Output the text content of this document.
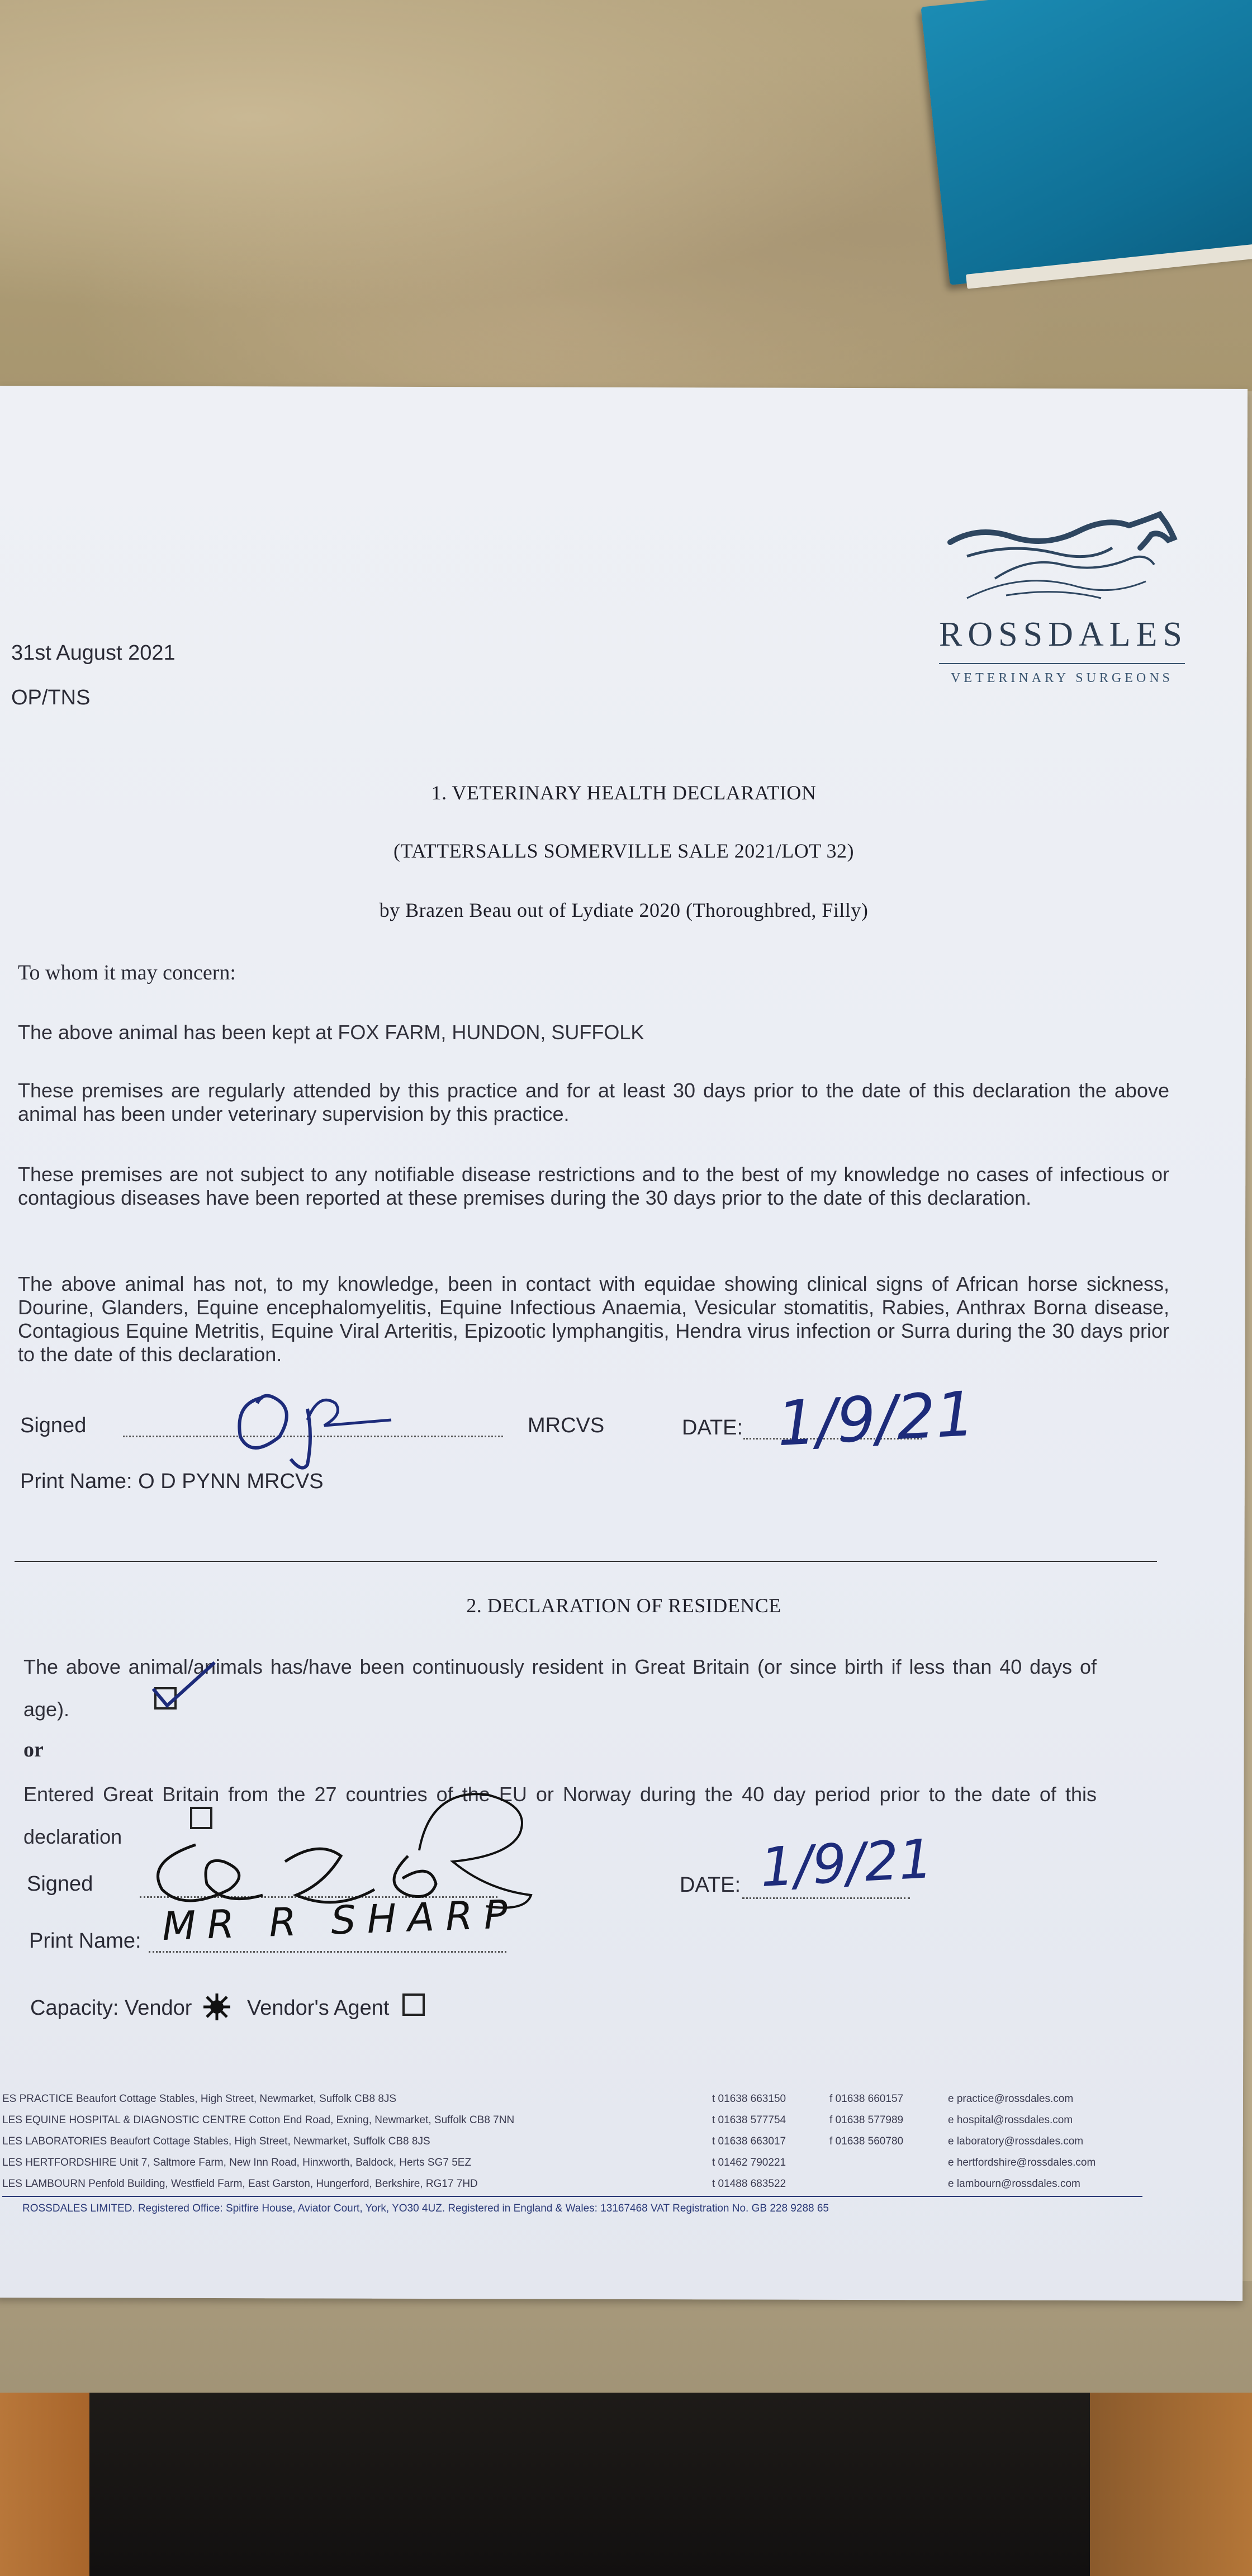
ROSSDALES
VETERINARY SURGEONS
31st August 2021
OP/TNS
1. VETERINARY HEALTH DECLARATION
(TATTERSALLS SOMERVILLE SALE 2021/LOT 32)
by Brazen Beau out of Lydiate 2020 (Thoroughbred, Filly)
To whom it may concern:
The above animal has been kept at FOX FARM, HUNDON, SUFFOLK
These premises are regularly attended by this practice and for at least 30 days prior to the date of this declaration the above animal has been under veterinary supervision by this practice.
These premises are not subject to any notifiable disease restrictions and to the best of my knowledge no cases of infectious or contagious diseases have been reported at these premises during the 30 days prior to the date of this declaration.
The above animal has not, to my knowledge, been in contact with equidae showing clinical signs of African horse sickness, Dourine, Glanders, Equine encephalomyelitis, Equine Infectious Anaemia, Vesicular stomatitis, Rabies, Anthrax Borna disease, Contagious Equine Metritis, Equine Viral Arteritis, Epizootic lymphangitis, Hendra virus infection or Surra during the 30 days prior to the date of this declaration.
Signed	MRCVS	DATE: 1/9/21
Print Name: O D PYNN MRCVS
2. DECLARATION OF RESIDENCE
The above animal/animals has/have been continuously resident in Great Britain (or since birth if less than 40 days of age).
or
Entered Great Britain from the 27 countries of the EU or Norway during the 40 day period prior to the date of this declaration
Signed	DATE: 1/9/21
Print Name: MR R SHARP
Capacity: Vendor	Vendor's Agent
ES PRACTICE Beaufort Cottage Stables, High Street, Newmarket, Suffolk CB8 8JS	t 01638 663150	f 01638 660157	e practice@rossdales.com
LES EQUINE HOSPITAL & DIAGNOSTIC CENTRE Cotton End Road, Exning, Newmarket, Suffolk CB8 7NN	t 01638 577754	f 01638 577989	e hospital@rossdales.com
LES LABORATORIES Beaufort Cottage Stables, High Street, Newmarket, Suffolk CB8 8JS	t 01638 663017	f 01638 560780	e laboratory@rossdales.com
LES HERTFORDSHIRE Unit 7, Saltmore Farm, New Inn Road, Hinxworth, Baldock, Herts SG7 5EZ	t 01462 790221	e hertfordshire@rossdales.com
LES LAMBOURN Penfold Building, Westfield Farm, East Garston, Hungerford, Berkshire, RG17 7HD	t 01488 683522	e lambourn@rossdales.com
ROSSDALES LIMITED. Registered Office: Spitfire House, Aviator Court, York, YO30 4UZ. Registered in England & Wales: 13167468 VAT Registration No. GB 228 9288 65
